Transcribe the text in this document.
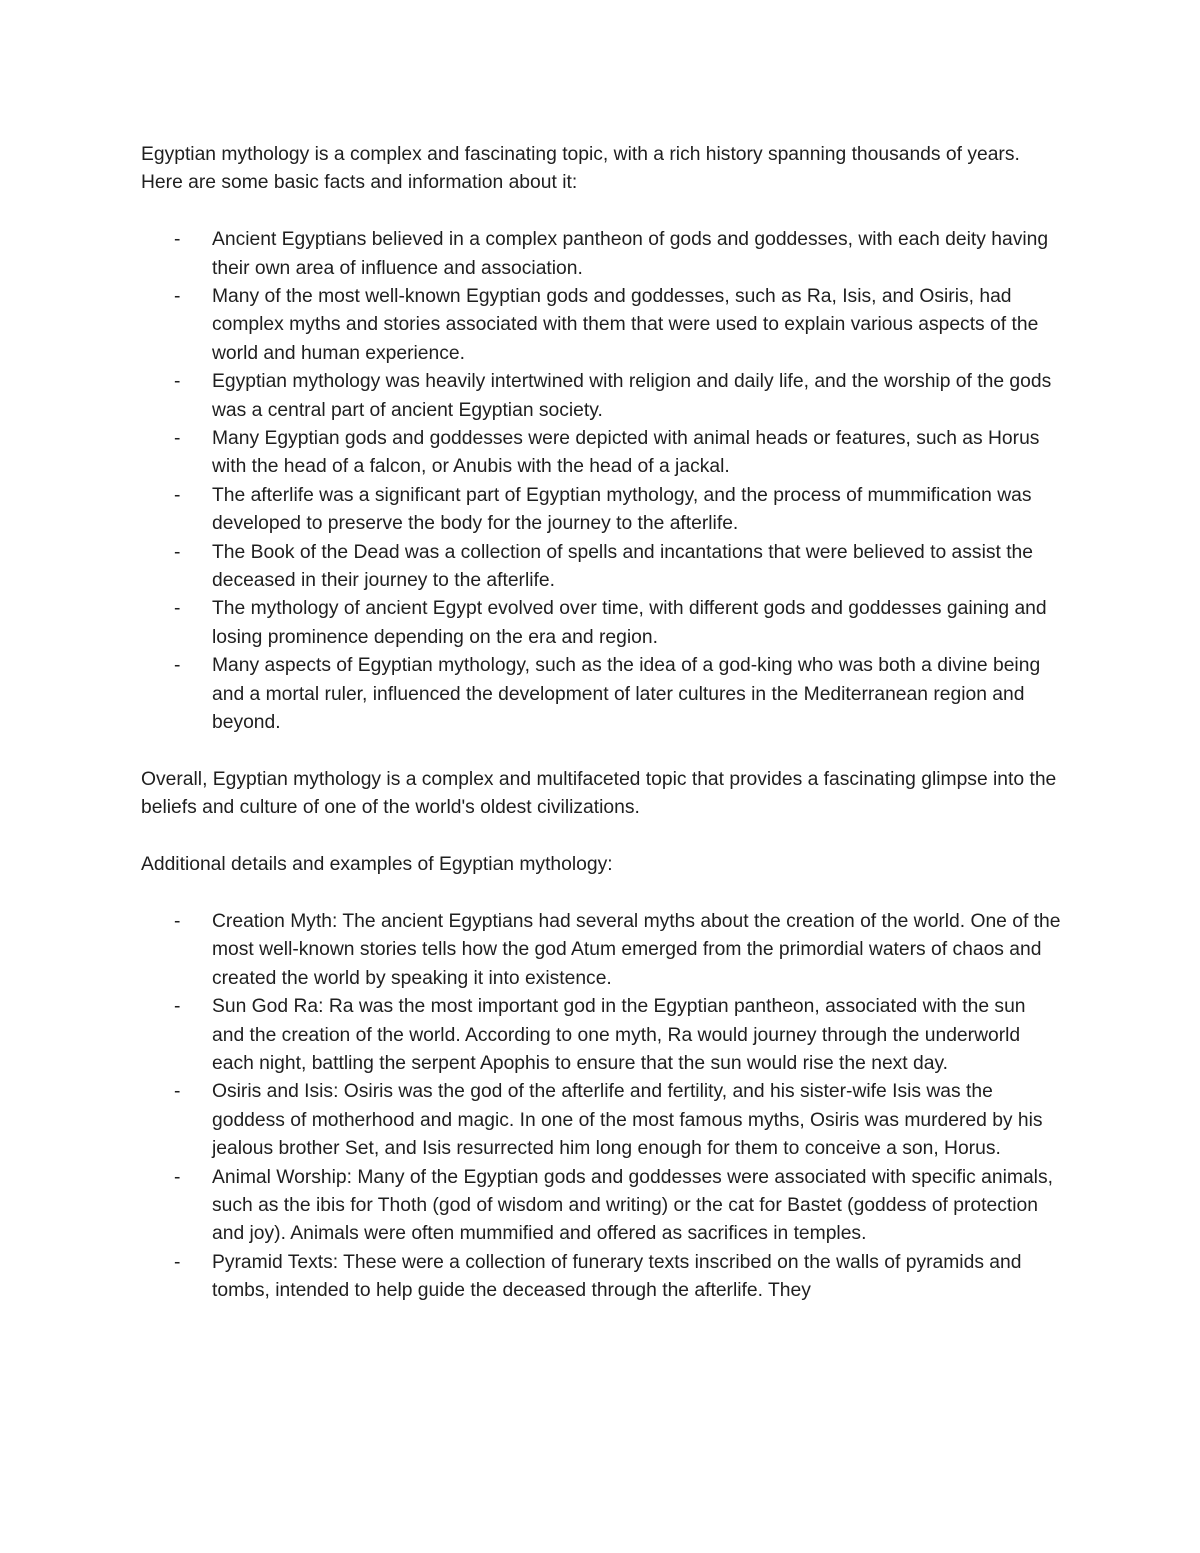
Egyptian mythology is a complex and fascinating topic, with a rich history spanning thousands of years. Here are some basic facts and information about it:

- Ancient Egyptians believed in a complex pantheon of gods and goddesses, with each deity having their own area of influence and association.
- Many of the most well-known Egyptian gods and goddesses, such as Ra, Isis, and Osiris, had complex myths and stories associated with them that were used to explain various aspects of the world and human experience.
- Egyptian mythology was heavily intertwined with religion and daily life, and the worship of the gods was a central part of ancient Egyptian society.
- Many Egyptian gods and goddesses were depicted with animal heads or features, such as Horus with the head of a falcon, or Anubis with the head of a jackal.
- The afterlife was a significant part of Egyptian mythology, and the process of mummification was developed to preserve the body for the journey to the afterlife.
- The Book of the Dead was a collection of spells and incantations that were believed to assist the deceased in their journey to the afterlife.
- The mythology of ancient Egypt evolved over time, with different gods and goddesses gaining and losing prominence depending on the era and region.
- Many aspects of Egyptian mythology, such as the idea of a god-king who was both a divine being and a mortal ruler, influenced the development of later cultures in the Mediterranean region and beyond.

Overall, Egyptian mythology is a complex and multifaceted topic that provides a fascinating glimpse into the beliefs and culture of one of the world's oldest civilizations.

Additional details and examples of Egyptian mythology:

- Creation Myth: The ancient Egyptians had several myths about the creation of the world. One of the most well-known stories tells how the god Atum emerged from the primordial waters of chaos and created the world by speaking it into existence.
- Sun God Ra: Ra was the most important god in the Egyptian pantheon, associated with the sun and the creation of the world. According to one myth, Ra would journey through the underworld each night, battling the serpent Apophis to ensure that the sun would rise the next day.
- Osiris and Isis: Osiris was the god of the afterlife and fertility, and his sister-wife Isis was the goddess of motherhood and magic. In one of the most famous myths, Osiris was murdered by his jealous brother Set, and Isis resurrected him long enough for them to conceive a son, Horus.
- Animal Worship: Many of the Egyptian gods and goddesses were associated with specific animals, such as the ibis for Thoth (god of wisdom and writing) or the cat for Bastet (goddess of protection and joy). Animals were often mummified and offered as sacrifices in temples.
- Pyramid Texts: These were a collection of funerary texts inscribed on the walls of pyramids and tombs, intended to help guide the deceased through the afterlife. They
